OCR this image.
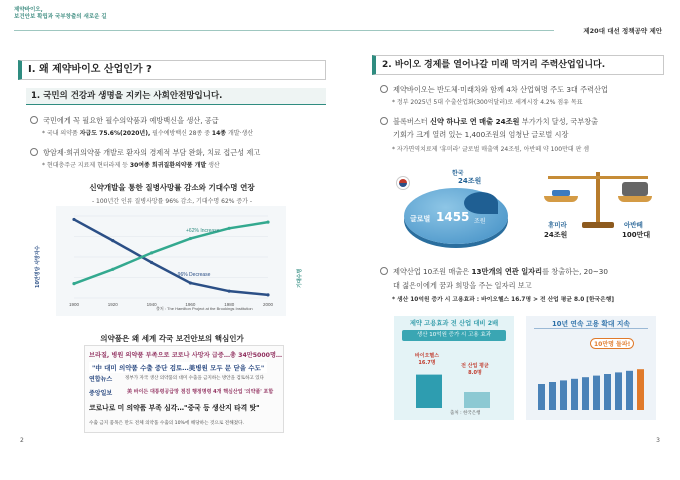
제약바이오,
보건안보 확립과 국부창출의 새로운 길
I. 왜 제약바이오 산업인가 ?
1. 국민의 건강과 생명을 지키는 사회안전망입니다.
국민에게 꼭 필요한 필수의약품과 예방백신을 생산, 공급
* 국내 의약품 자급도 75.6%(2020년), 필수예방백신 28종 중 14종 개발·생산
항암제·희귀의약품 개발로 환자의 경제적 부담 완화, 치료 접근성 제고
* 현대충주군 지료제 현터라제 등 30여종 희귀질환의약품 개발 생산
신약개발을 통한 질병사망률 감소와 기대수명 연장
- 100년간 인류 질병사망률 96% 감소, 기대수명 62% 증가 -
1900	1920	1940	1960	1980	2000
+62% Increase
-96% Decrease
출처 : The Hamilton Project at the Brookings Institution
10만명당 사망자수	기대수명
의약품은 왜 세계 각국 보건안보의 핵심인가
브라질, 병원 의약품 부족으로 코로나 사망자 급증…총 34만5000명…
"中 대미 의약품 수출 중단 검토…美병원 모두 문 닫을 수도"
연합뉴스	정부가 자국 생산 의약품의 대미 수출을 금지하는 방안을 검토하고 있다
중앙일보	美 바이든 대통령공급망 점검 행정명령 4개 핵심산업 '의약품' 포함
코로나로 미 의약품 부족 심각…"중국 등 생산지 타격 탓"
수출 금지 품목은 만도 전체 의약품 수출의 10%에 해당하는 것으로 전해졌다.
2
제20대 대선 정책공약 제안
2. 바이오 경제를 열어나갈 미래 먹거리 주력산업입니다.
제약바이오는 반도체·미래차와 함께 4차 산업혁명 주도 3대 주력산업
* 정부 2025년 5대 수출산업화(300억달러)로 세계시장 4.2% 점유 목표
블록버스터 신약 하나로 연 매출 24조원 부가가치 달성, 국부창출
기회가 크게 열려 있는 1,400조원의 엄청난 글로벌 시장
* 자가면역치료제 '휴미라' 글로벌 매출액 24조원, 아반떼 약 100만대 판 셈
한국
24조원
글로벌 1455 조원	휴미라
24조원
아반떼
100만대
제약산업 10조원 매출은 13만개의 연관 일자리를 창출하는, 20~30
대 젊은이에게 꿈과 희망을 주는 일자리 보고
* 생산 10억원 증가 시 고용효과 : 바이오헬스 16.7명 > 전 산업 평균 8.0 [한국은행]
제약 고용효과 전 산업 대비 2배
생산 10억원 증가 시 고용 효과
바이오헬스
16.7명	전 산업 평균
8.0명
출처 : 한국은행
10년 연속 고용 확대 지속
10만명 돌파!
3
